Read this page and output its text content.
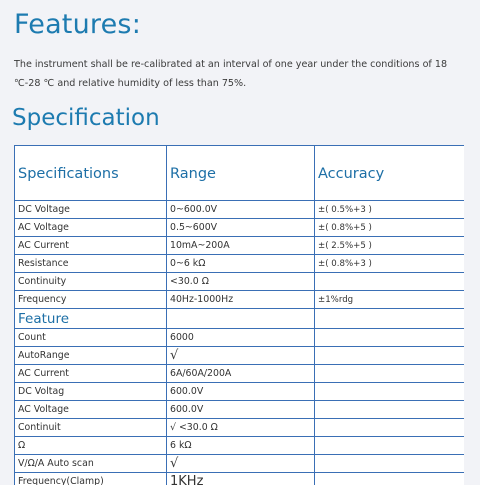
Features:

The instrument shall be re-calibrated at an interval of one year under the conditions of 18 ℃-28 ℃ and relative humidity of less than 75%.

Specification
Specifications	Range	Accuracy
DC Voltage	0~600.0V	±( 0.5%+3 )
AC Voltage	0.5~600V	±( 0.8%+5 )
AC Current	10mA~200A	±( 2.5%+5 )
Resistance	0~6 kΩ	±( 0.8%+3 )
Continuity	<30.0 Ω	
Frequency	40Hz-1000Hz	±1%rdg
Feature		
Count	6000	
AutoRange	√	
AC Current	6A/60A/200A	
DC Voltag	600.0V	
AC Voltage	600.0V	
Continuit	√ <30.0 Ω	
Ω	6 kΩ	
V/Ω/A Auto scan	√	
Frequency(Clamp)	1KHz	
